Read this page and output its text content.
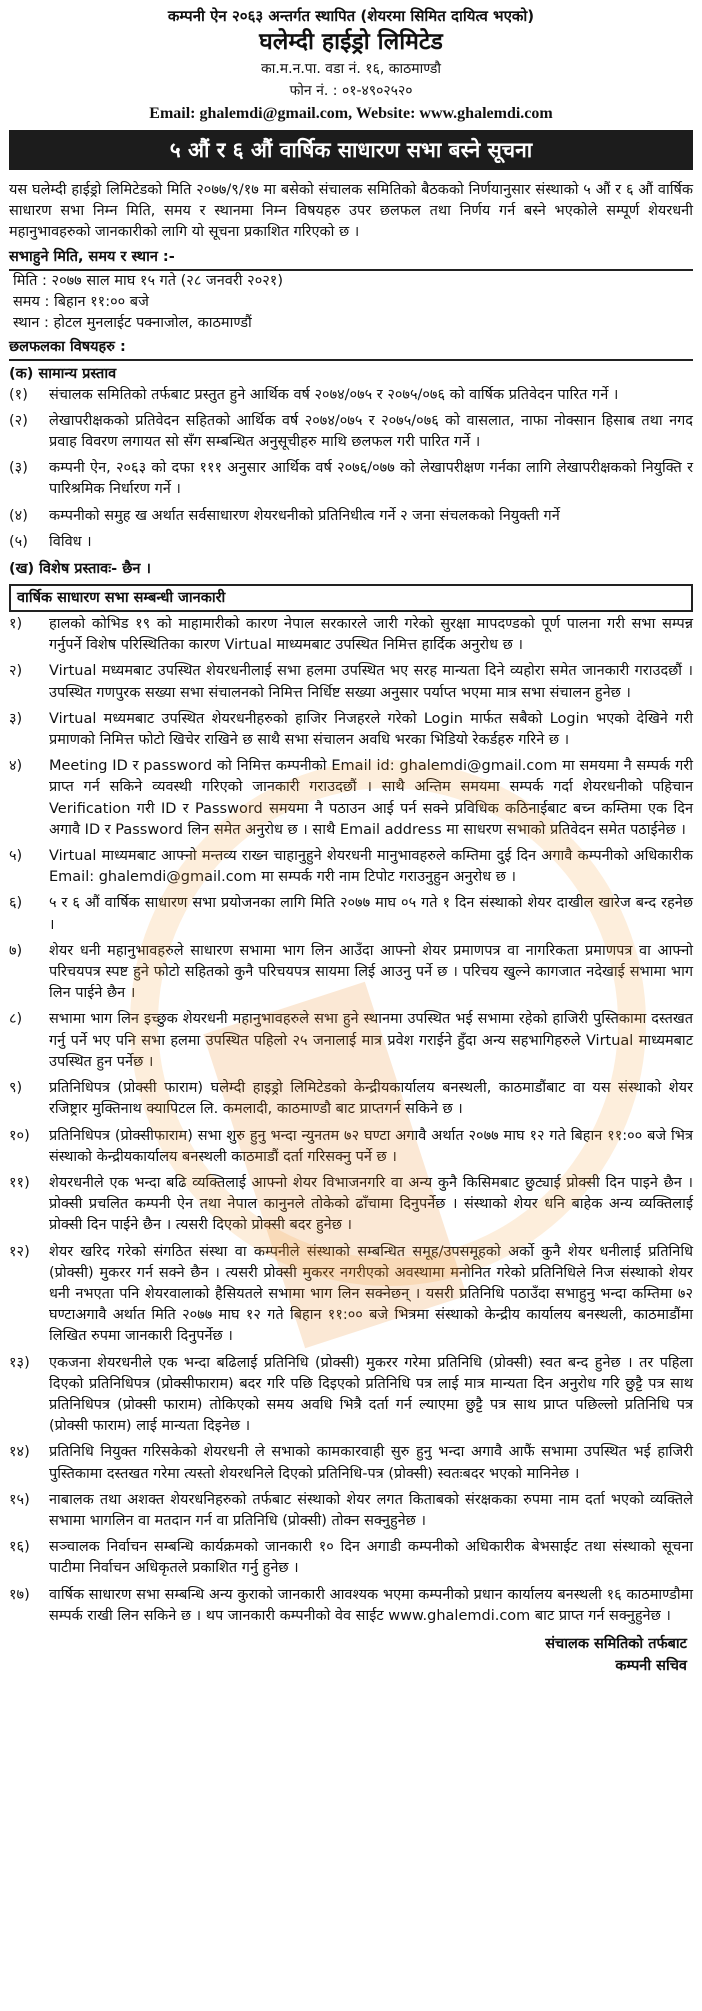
कम्पनी ऐन २०६३ अन्तर्गत स्थापित (शेयरमा सिमित दायित्व भएको)
घलेम्दी हाईड्रो लिमिटेड
का.म.न.पा. वडा नं. १६, काठमाण्डौ
फोन नं. : ०१-४९०२५२०
Email: ghalemdi@gmail.com, Website: www.ghalemdi.com
५ औं र ६ औं वार्षिक साधारण सभा बस्ने सूचना

यस घलेम्दी हाईड्रो लिमिटेडको मिति २०७७/९/१७ मा बसेको संचालक समितिको बैठकको निर्णयानुसार संस्थाको ५ औं र ६ औं वार्षिक साधारण सभा निम्न मिति, समय र स्थानमा निम्न विषयहरु उपर छलफल तथा निर्णय गर्न बस्ने भएकोले सम्पूर्ण शेयरधनी महानुभावहरुको जानकारीको लागि यो सूचना प्रकाशित गरिएको छ ।

सभाहुने मिति, समय र स्थान :-
मिति : २०७७ साल माघ १५ गते (२८ जनवरी २०२१)
समय : बिहान ११:०० बजे
स्थान : होटल मुनलाईट पक्नाजोल, काठमाण्डौं
छलफलका विषयहरु :
(क) सामान्य प्रस्ताव
(१)	संचालक समितिको तर्फबाट प्रस्तुत हुने आर्थिक वर्ष २०७४/०७५ र २०७५/०७६ को वार्षिक प्रतिवेदन पारित गर्ने ।
(२)	लेखापरीक्षकको प्रतिवेदन सहितको आर्थिक वर्ष २०७४/०७५ र २०७५/०७६ को वासलात, नाफा नोक्सान हिसाब तथा नगद प्रवाह विवरण लगायत सो सँग सम्बन्धित अनुसूचीहरु माथि छलफल गरी पारित गर्ने ।
(३)	कम्पनी ऐन, २०६३ को दफा १११ अनुसार आर्थिक वर्ष २०७६/०७७ को लेखापरीक्षण गर्नका लागि लेखापरीक्षकको नियुक्ति र पारिश्रमिक निर्धारण गर्ने ।
(४)	कम्पनीको समुह ख अर्थात सर्वसाधारण शेयरधनीको प्रतिनिधीत्व गर्ने २ जना संचलकको नियुक्ती गर्ने
(५)	विविध ।
(ख) विशेष प्रस्तावः- छैन ।
वार्षिक साधारण सभा सम्बन्धी जानकारी
१)	हालको कोभिड १९ को माहामारीको कारण नेपाल सरकारले जारी गरेको सुरक्षा मापदण्डको पूर्ण पालना गरी सभा सम्पन्न गर्नुपर्ने विशेष परिस्थितिका कारण Virtual माध्यमबाट उपस्थित निमित्त हार्दिक अनुरोध छ ।
२)	Virtual मध्यमबाट उपस्थित शेयरधनीलाई सभा हलमा उपस्थित भए सरह मान्यता दिने व्यहोरा समेत जानकारी गराउदछौं । उपस्थित गणपुरक सख्या सभा संचालनको निमित्त निर्धिष्ट सख्या अनुसार पर्याप्त भएमा मात्र सभा संचालन हुनेछ ।
३)	Virtual मध्यमबाट उपस्थित शेयरधनीहरुको हाजिर निजहरले गरेको Login मार्फत सबैको Login भएको देखिने गरी प्रमाणको निमित्त फोटो खिचेर राखिने छ साथै सभा संचालन अवधि भरका भिडियो रेकर्डहरु गरिने छ ।
४)	Meeting ID र password को निमित्त कम्पनीको Email id: ghalemdi@gmail.com मा समयमा नै सम्पर्क गरी प्राप्त गर्न सकिने व्यवस्थी गरिएको जानकारी गराउदछौं । साथै अन्तिम समयमा सम्पर्क गर्दा शेयरधनीको पहिचान Verification गरी ID र Password समयमा नै पठाउन आई पर्न सक्ने प्रविधिक कठिनाईबाट बच्न कम्तिमा एक दिन अगावै ID र Password लिन समेत अनुरोध छ । साथै Email address मा साधरण सभाको प्रतिवेदन समेत पठाईनेछ ।
५)	Virtual माध्यमबाट आफ्नो मन्तव्य राख्न चाहानुहुने शेयरधनी मानुभावहरुले कम्तिमा दुई दिन अगावै कम्पनीको अधिकारीक Email: ghalemdi@gmail.com मा सम्पर्क गरी नाम टिपोट गराउनुहुन अनुरोध छ ।
६)	५ र ६ औं वार्षिक साधारण सभा प्रयोजनका लागि मिति २०७७ माघ ०५ गते १ दिन संस्थाको शेयर दाखील खारेज बन्द रहनेछ ।
७)	शेयर धनी महानुभावहरुले साधारण सभामा भाग लिन आउँदा आफ्नो शेयर प्रमाणपत्र वा नागरिकता प्रमाणपत्र वा आफ्नो परिचयपत्र स्पष्ट हुने फोटो सहितको कुनै परिचयपत्र सायमा लिई आउनु पर्ने छ । परिचय खुल्ने कागजात नदेखाई सभामा भाग लिन पाईने छैन ।
८)	सभामा भाग लिन इच्छुक शेयरधनी महानुभावहरुले सभा हुने स्थानमा उपस्थित भई सभामा रहेको हाजिरी पुस्तिकामा दस्तखत गर्नु पर्ने भए पनि सभा हलमा उपस्थित पहिलो २५ जनालाई मात्र प्रवेश गराईने हुँदा अन्य सहभागिहरुले Virtual माध्यमबाट उपस्थित हुन पर्नेछ ।
९)	प्रतिनिधिपत्र (प्रोक्सी फाराम) घलेम्दी हाइड्रो लिमिटेडको केन्द्रीयकार्यालय बनस्थली, काठमाडौंबाट वा यस संस्थाको शेयर रजिष्ट्रार मुक्तिनाथ क्यापिटल लि. कमलादी, काठमाण्डौ बाट प्राप्तगर्न सकिने छ ।
१०)	प्रतिनिधिपत्र (प्रोक्सीफाराम) सभा शुरु हुनु भन्दा न्युनतम ७२ घण्टा अगावै अर्थात २०७७ माघ १२ गते बिहान ११:०० बजे भित्र संस्थाको केन्द्रीयकार्यालय बनस्थली काठमाडौं दर्ता गरिसक्नु पर्ने छ ।
११)	शेयरधनीले एक भन्दा बढि व्यक्तिलाई आफ्नो शेयर विभाजनगरि वा अन्य कुनै किसिमबाट छुट्याई प्रोक्सी दिन पाइने छैन । प्रोक्सी प्रचलित कम्पनी ऐन तथा नेपाल कानुनले तोकेको ढाँचामा दिनुपर्नेछ । संस्थाको शेयर धनि बाहेक अन्य व्यक्तिलाई प्रोक्सी दिन पाईने छैन । त्यसरी दिएको प्रोक्सी बदर हुनेछ ।
१२)	शेयर खरिद गरेको संगठित संस्था वा कम्पनीले संस्थाको सम्बन्धित समूह/उपसमूहको अर्को कुनै शेयर धनीलाई प्रतिनिधि (प्रोक्सी) मुकरर गर्न सक्ने छैन । त्यसरी प्रोक्सी मुकरर नगरीएको अवस्थामा मनोनित गरेको प्रतिनिधिले निज संस्थाको शेयर धनी नभएता पनि शेयरवालाको हैसियतले सभामा भाग लिन सक्नेछन् । यसरी प्रतिनिधि पठाउँदा सभाहुनु भन्दा कम्तिमा ७२ घण्टाअगावै अर्थात मिति २०७७ माघ १२ गते बिहान ११:०० बजे भित्रमा संस्थाको केन्द्रीय कार्यालय बनस्थली, काठमाडौंमा लिखित रुपमा जानकारी दिनुपर्नेछ ।
१३)	एकजना शेयरधनीले एक भन्दा बढिलाई प्रतिनिधि (प्रोक्सी) मुकरर गरेमा प्रतिनिधि (प्रोक्सी) स्वत बन्द हुनेछ । तर पहिला दिएको प्रतिनिधिपत्र (प्रोक्सीफाराम) बदर गरि पछि दिइएको प्रतिनिधि पत्र लाई मात्र मान्यता दिन अनुरोध गरि छुट्टै पत्र साथ प्रतिनिधिपत्र (प्रोक्सी फाराम) तोकिएको समय अवधि भित्रै दर्ता गर्न ल्याएमा छुट्टै पत्र साथ प्राप्त पछिल्लो प्रतिनिधि पत्र (प्रोक्सी फाराम) लाई मान्यता दिइनेछ ।
१४)	प्रतिनिधि नियुक्त गरिसकेको शेयरधनी ले सभाको कामकारवाही सुरु हुनु भन्दा अगावै आफैं सभामा उपस्थित भई हाजिरी पुस्तिकामा दस्तखत गरेमा त्यस्तो शेयरधनिले दिएको प्रतिनिधि-पत्र (प्रोक्सी) स्वतःबदर भएको मानिनेछ ।
१५)	नाबालक तथा अशक्त शेयरधनिहरुको तर्फबाट संस्थाको शेयर लगत किताबको संरक्षकका रुपमा नाम दर्ता भएको व्यक्तिले सभामा भागलिन वा मतदान गर्न वा प्रतिनिधि (प्रोक्सी) तोक्न सक्नुहुनेछ ।
१६)	सञ्चालक निर्वाचन सम्बन्धि कार्यक्रमको जानकारी १० दिन अगाडी कम्पनीको अधिकारीक बेभसाईट तथा संस्थाको सूचना पाटीमा निर्वाचन अधिकृतले प्रकाशित गर्नु हुनेछ ।
१७)	वार्षिक साधारण सभा सम्बन्धि अन्य कुराको जानकारी आवश्यक भएमा कम्पनीको प्रधान कार्यालय बनस्थली १६ काठमाण्डौमा सम्पर्क राखी लिन सकिने छ । थप जानकारी कम्पनीको वेव साईट www.ghalemdi.com बाट प्राप्त गर्न सक्नुहुनेछ ।
संचालक समितिको तर्फबाट
कम्पनी सचिव
